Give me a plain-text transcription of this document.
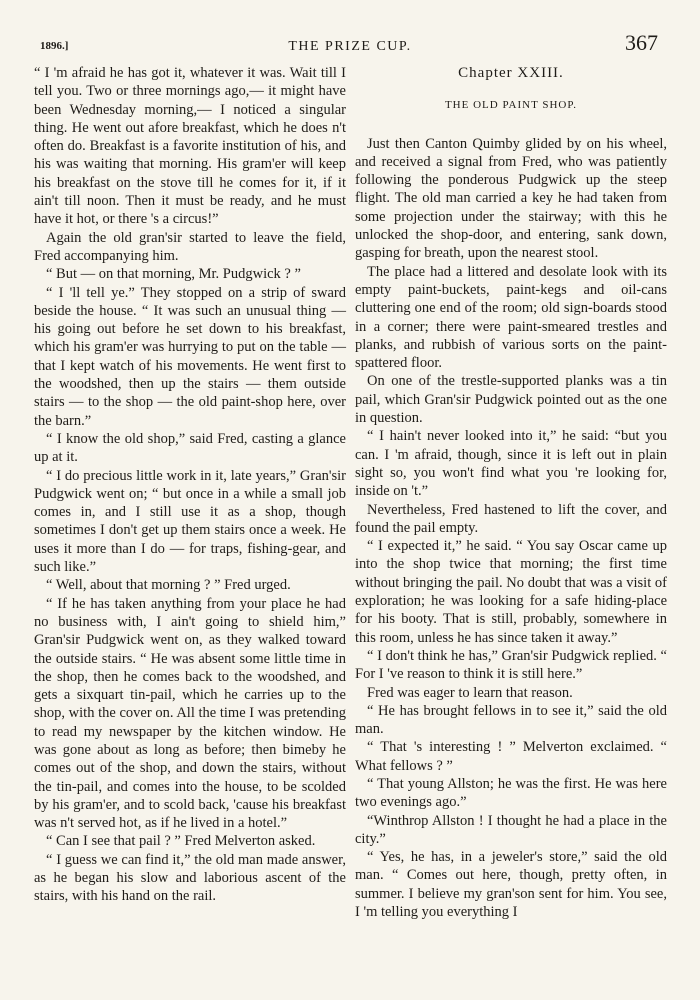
1896.]	THE PRIZE CUP.	367

“ I 'm afraid he has got it, whatever it was. Wait till I tell you. Two or three mornings ago,— it might have been Wednesday morning,— I noticed a singular thing. He went out afore breakfast, which he does n't often do. Breakfast is a favorite institution of his, and his was waiting that morning. His gram'er will keep his breakfast on the stove till he comes for it, if it ain't till noon. Then it must be ready, and he must have it hot, or there 's a circus!”

Again the old gran'sir started to leave the field, Fred accompanying him.

“ But — on that morning, Mr. Pudgwick ? ”

“ I 'll tell ye.” They stopped on a strip of sward beside the house. “ It was such an unusual thing — his going out before he set down to his breakfast, which his gram'er was hurrying to put on the table — that I kept watch of his movements. He went first to the woodshed, then up the stairs — them outside stairs — to the shop — the old paint-shop here, over the barn.”

“ I know the old shop,” said Fred, casting a glance up at it.

“ I do precious little work in it, late years,” Gran'sir Pudgwick went on; “ but once in a while a small job comes in, and I still use it as a shop, though sometimes I don't get up them stairs once a week. He uses it more than I do — for traps, fishing-gear, and such like.”

“ Well, about that morning ? ” Fred urged.

“ If he has taken anything from your place he had no business with, I ain't going to shield him,” Gran'sir Pudgwick went on, as they walked toward the outside stairs. “ He was absent some little time in the shop, then he comes back to the woodshed, and gets a sixquart tin-pail, which he carries up to the shop, with the cover on. All the time I was pretending to read my newspaper by the kitchen window. He was gone about as long as before; then bimeby he comes out of the shop, and down the stairs, without the tin-pail, and comes into the house, to be scolded by his gram'er, and to scold back, 'cause his breakfast was n't served hot, as if he lived in a hotel.”

“ Can I see that pail ? ” Fred Melverton asked.

“ I guess we can find it,” the old man made answer, as he began his slow and laborious ascent of the stairs, with his hand on the rail.

Chapter XXIII.
THE OLD PAINT SHOP.

Just then Canton Quimby glided by on his wheel, and received a signal from Fred, who was patiently following the ponderous Pudgwick up the steep flight. The old man carried a key he had taken from some projection under the stairway; with this he unlocked the shop-door, and entering, sank down, gasping for breath, upon the nearest stool.

The place had a littered and desolate look with its empty paint-buckets, paint-kegs and oil-cans cluttering one end of the room; old sign-boards stood in a corner; there were paint-smeared trestles and planks, and rubbish of various sorts on the paint-spattered floor.

On one of the trestle-supported planks was a tin pail, which Gran'sir Pudgwick pointed out as the one in question.

“ I hain't never looked into it,” he said: “but you can. I 'm afraid, though, since it is left out in plain sight so, you won't find what you 're looking for, inside on 't.”

Nevertheless, Fred hastened to lift the cover, and found the pail empty.

“ I expected it,” he said. “ You say Oscar came up into the shop twice that morning; the first time without bringing the pail. No doubt that was a visit of exploration; he was looking for a safe hiding-place for his booty. That is still, probably, somewhere in this room, unless he has since taken it away.”

“ I don't think he has,” Gran'sir Pudgwick replied. “ For I 've reason to think it is still here.”

Fred was eager to learn that reason.

“ He has brought fellows in to see it,” said the old man.

“ That 's interesting ! ” Melverton exclaimed. “ What fellows ? ”

“ That young Allston; he was the first. He was here two evenings ago.”

“Winthrop Allston ! I thought he had a place in the city.”

“ Yes, he has, in a jeweler's store,” said the old man. “ Comes out here, though, pretty often, in summer. I believe my gran'son sent for him. You see, I 'm telling you everything I
